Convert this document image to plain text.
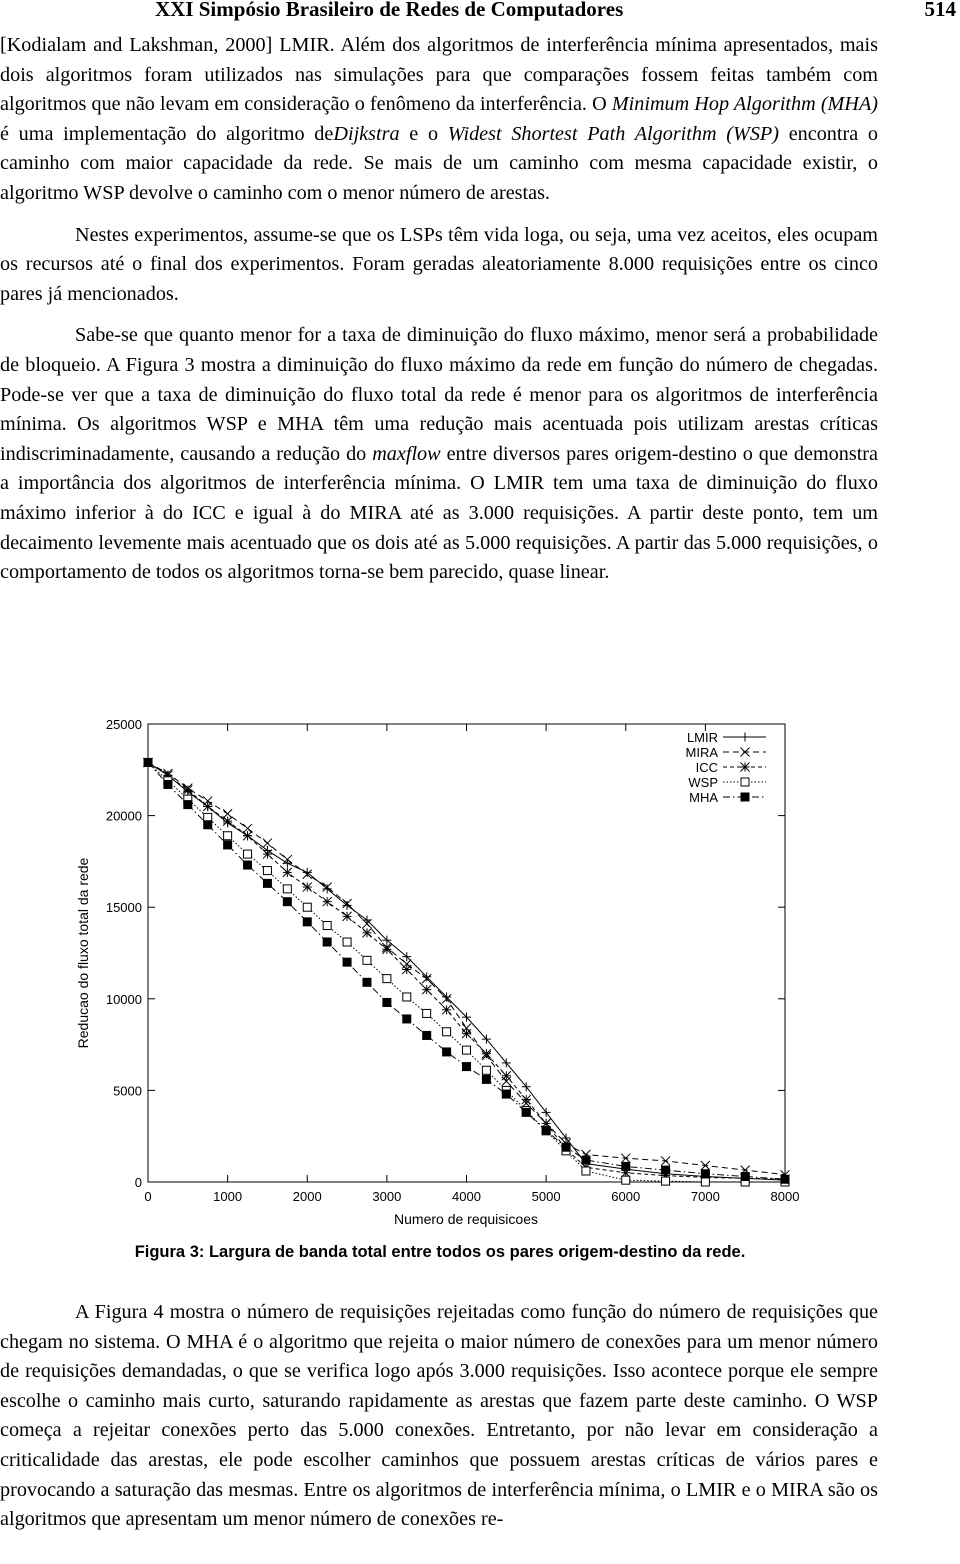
XXI Simpósio Brasileiro de Redes de Computadores	514

[Kodialam and Lakshman, 2000] LMIR. Além dos algoritmos de interferência mínima apresentados, mais dois algoritmos foram utilizados nas simulações para que comparações fossem feitas também com algoritmos que não levam em consideração o fenômeno da interferência. O Minimum Hop Algorithm (MHA) é uma implementação do algoritmo deDijkstra e o Widest Shortest Path Algorithm (WSP) encontra o caminho com maior capacidade da rede. Se mais de um caminho com mesma capacidade existir, o algoritmo WSP devolve o caminho com o menor número de arestas.

Nestes experimentos, assume-se que os LSPs têm vida loga, ou seja, uma vez aceitos, eles ocupam os recursos até o final dos experimentos. Foram geradas aleatoriamente 8.000 requisições entre os cinco pares já mencionados.

Sabe-se que quanto menor for a taxa de diminuição do fluxo máximo, menor será a probabilidade de bloqueio. A Figura 3 mostra a diminuição do fluxo máximo da rede em função do número de chegadas. Pode-se ver que a taxa de diminuição do fluxo total da rede é menor para os algoritmos de interferência mínima. Os algoritmos WSP e MHA têm uma redução mais acentuada pois utilizam arestas críticas indiscriminadamente, causando a redução do maxflow entre diversos pares origem-destino o que demonstra a importância dos algoritmos de interferência mínima. O LMIR tem uma taxa de diminuição do fluxo máximo inferior à do ICC e igual à do MIRA até as 3.000 requisições. A partir deste ponto, tem um decaimento levemente mais acentuado que os dois até as 5.000 requisições. A partir das 5.000 requisições, o comportamento de todos os algoritmos torna-se bem parecido, quase linear.

0	1000	2000	3000	4000	5000	6000	7000	8000
0
5000
10000
15000
20000
25000
Numero de requisicoes
Reducao do fluxo total da rede
LMIR
MIRA
ICC
WSP
MHA
Figura 3: Largura de banda total entre todos os pares origem-destino da rede.

A Figura 4 mostra o número de requisições rejeitadas como função do número de requisições que chegam no sistema. O MHA é o algoritmo que rejeita o maior número de conexões para um menor número de requisições demandadas, o que se verifica logo após 3.000 requisições. Isso acontece porque ele sempre escolhe o caminho mais curto, saturando rapidamente as arestas que fazem parte deste caminho. O WSP começa a rejeitar conexões perto das 5.000 conexões. Entretanto, por não levar em consideração a criticalidade das arestas, ele pode escolher caminhos que possuem arestas críticas de vários pares e provocando a saturação das mesmas. Entre os algoritmos de interferência mínima, o LMIR e o MIRA são os algoritmos que apresentam um menor número de conexões re-
